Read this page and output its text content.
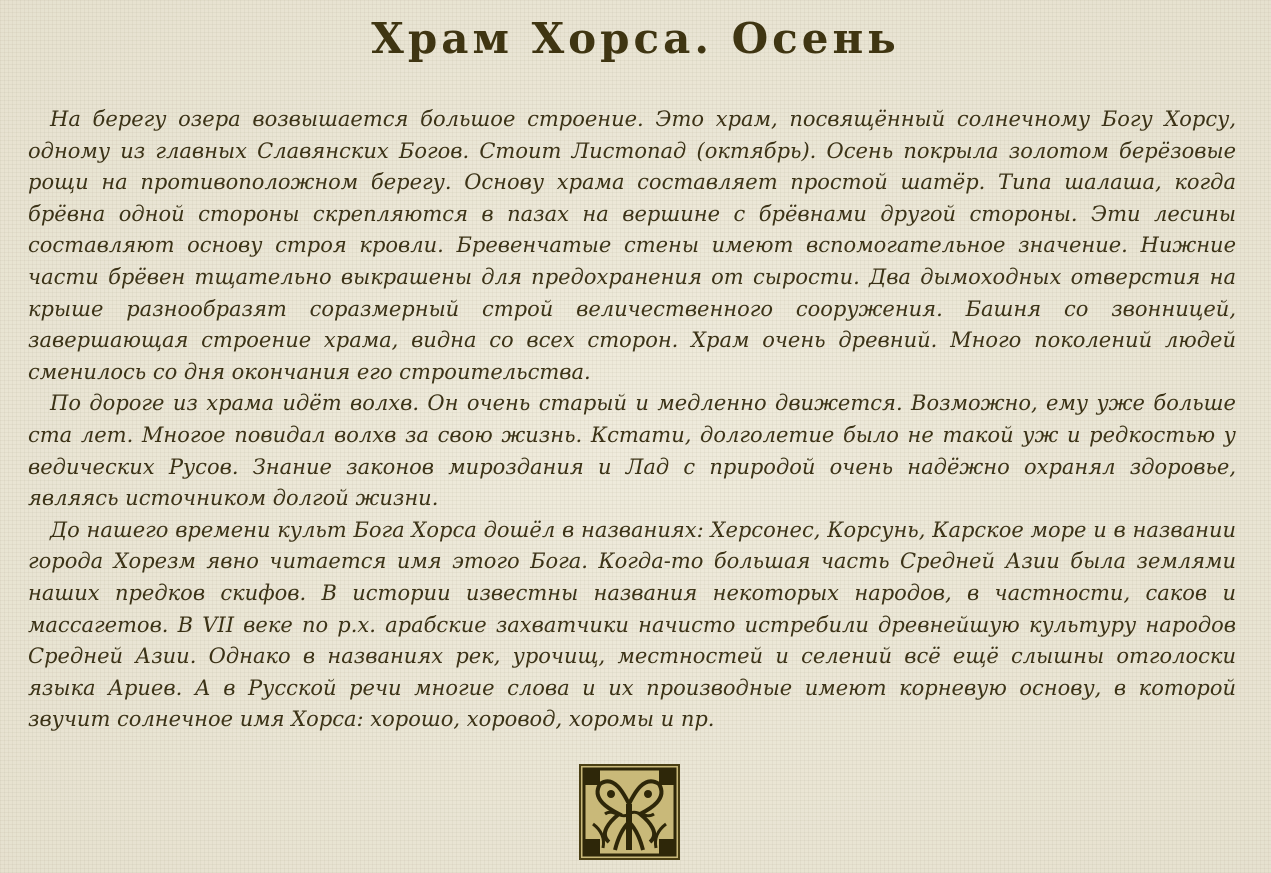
Храм Хорса. Осень

На берегу озера возвышается большое строение. Это храм, посвящённый солнечному Богу Хорсу, одному из главных Славянских Богов. Стоит Листопад (октябрь). Осень покрыла золотом берёзовые рощи на противоположном берегу. Основу храма составляет простой шатёр. Типа шалаша, когда брёвна одной стороны скрепляются в пазах на вершине с брёвнами другой стороны. Эти лесины составляют основу строя кровли. Бревенчатые стены имеют вспомогательное значение. Нижние части брёвен тщательно выкрашены для предохранения от сырости. Два дымоходных отверстия на крыше разнообразят соразмерный строй величественного сооружения. Башня со звонницей, завершающая строение храма, видна со всех сторон. Храм очень древний. Много поколений людей сменилось со дня окончания его строительства.

По дороге из храма идёт волхв. Он очень старый и медленно движется. Возможно, ему уже больше ста лет. Многое повидал волхв за свою жизнь. Кстати, долголетие было не такой уж и редкостью у ведических Русов. Знание законов мироздания и Лад с природой очень надёжно охранял здоровье, являясь источником долгой жизни.

До нашего времени культ Бога Хорса дошёл в названиях: Херсонес, Корсунь, Карское море и в названии города Хорезм явно читается имя этого Бога. Когда-то большая часть Средней Азии была землями наших предков скифов. В истории известны названия некоторых народов, в частности, саков и массагетов. В VII веке по р.х. арабские захватчики начисто истребили древнейшую культуру народов Средней Азии. Однако в названиях рек, урочищ, местностей и селений всё ещё слышны отголоски языка Ариев. А в Русской речи многие слова и их производные имеют корневую основу, в которой звучит солнечное имя Хорса: хорошо, хоровод, хоромы и пр.
